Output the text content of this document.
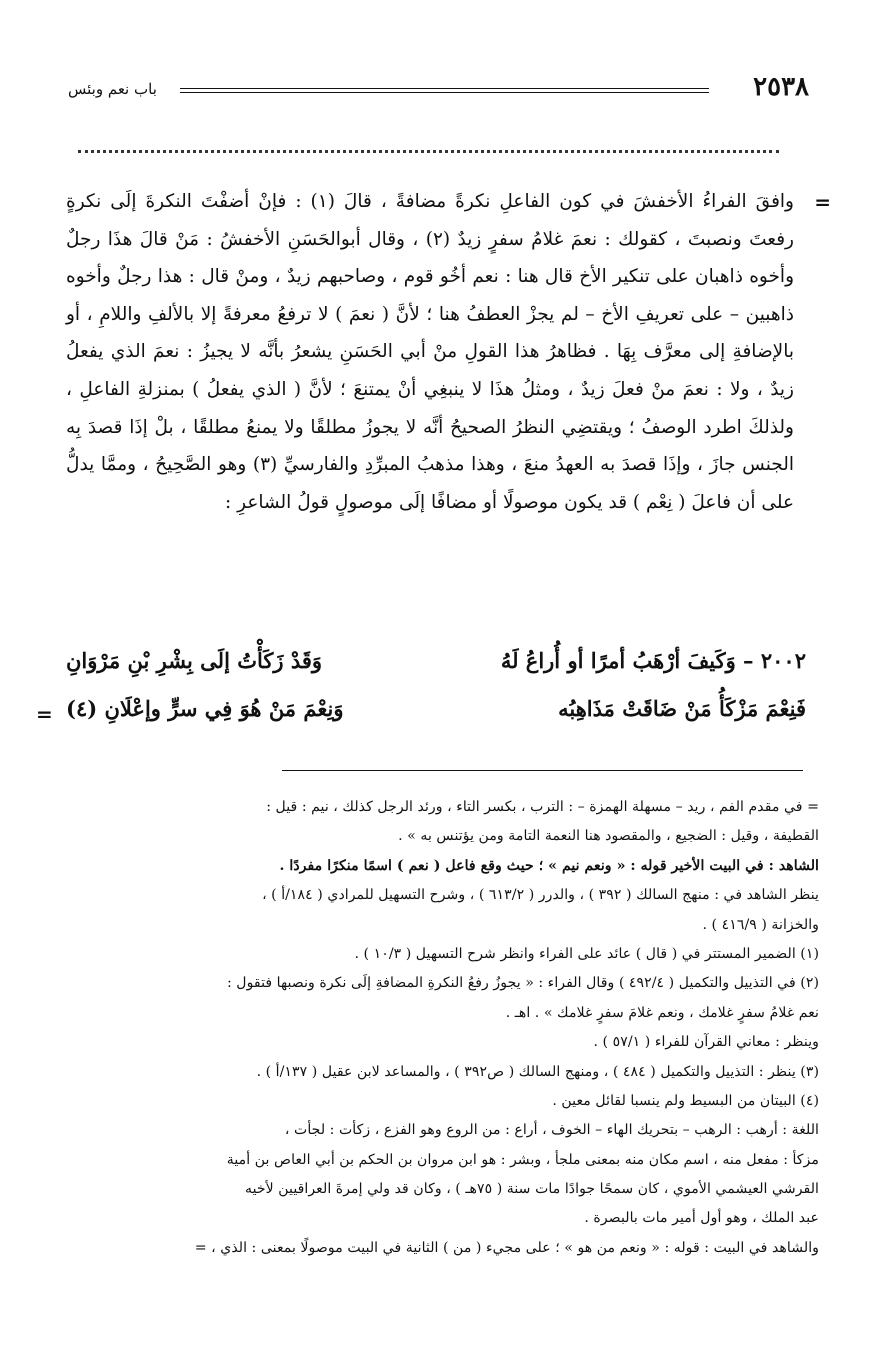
٢٥٣٨
باب نعم وبئس
=

وافقَ الفراءُ الأخفشَ في كون الفاعلِ نكرةً مضافةً ، قالَ (١) : فإنْ أضفْتَ النكرةَ إلَى نكرةٍ رفعتَ ونصبتَ ، كقولك : نعمَ غلامُ سفرٍ زيدٌ (٢) ، وقال أبوالحَسَنِ الأخفشُ : مَنْ قالَ هذَا رجلٌ وأخوه ذاهبان على تنكير الأخ قال هنا : نعم أخُو قوم ، وصاحبهم زيدٌ ، ومنْ قال : هذا رجلٌ وأخوه ذاهبين – على تعريفِ الأخ – لم يجزْ العطفُ هنا ؛ لأنَّ ( نعمَ ) لا ترفعُ معرفةً إلا بالألفِ واللامِ ، أو بالإضافةِ إلى معرَّف بِهَا . فظاهرُ هذا القولِ منْ أبي الحَسَنِ يشعرُ بأنَّه لا يجيزُ : نعمَ الذي يفعلُ زيدٌ ، ولا : نعمَ منْ فعلَ زيدٌ ، ومثلُ هذَا لا ينبغِي أنْ يمتنعَ ؛ لأنَّ ( الذي يفعلُ ) بمنزلةِ الفاعلِ ، ولذلكَ اطرد الوصفُ ؛ ويقتضِي النظرُ الصحيحُ أنَّه لا يجوزُ مطلقًا ولا يمنعُ مطلقًا ، بلْ إذَا قصدَ بِه الجنس جازَ ، وإذَا قصدَ به العهدُ منعَ ، وهذا مذهبُ المبرِّدِ والفارسيِّ (٣) وهو الصَّحِيحُ ، وممَّا يدلُّ على أن فاعلَ ( نِعْم ) قد يكون موصولًا أو مضافًا إلَى موصولٍ قولُ الشاعرِ :

٢٠٠٢ – وَكَيفَ أرْهَبُ أمرًا أو أُراعُ لَهُ
وَقَدْ زَكَأْتُ إلَى بِشْرِ بْنِ مَرْوَانِ
فَنِعْمَ مَزْكَأُ مَنْ ضَاقَتْ مَذَاهِبُه
وَنِعْمَ مَنْ هُوَ فِي سرٍّ وإعْلَانِ (٤)
=
= في مقدم الفم ، ريد – مسهلة الهمزة – : الترب ، بكسر التاء ، ورئد الرجل كذلك ، نيم : قيل :
القطيفة ، وقيل : الضجيع ، والمقصود هنا النعمة التامة ومن يؤتنس به » .
الشاهد : في البيت الأخير قوله : « ونعم نيم » ؛ حيث وقع فاعل ( نعم ) اسمًا منكرًا مفردًا .
ينظر الشاهد في : منهج السالك ( ٣٩٢ ) ، والدرر ( ٦١٣/٢ ) ، وشرح التسهيل للمرادي ( ١٨٤/أ ) ،
والخزانة ( ٤١٦/٩ ) .
(١) الضمير المستتر في ( قال ) عائد على الفراء وانظر شرح التسهيل ( ١٠/٣ ) .
(٢) في التذييل والتكميل ( ٤٩٢/٤ ) وقال الفراء : « يجوزُ رفعُ النكرةِ المضافةِ إلَى نكرة ونصبها فتقول :
نعم غلامُ سفرٍ غلامك ، ونعم غلامَ سفرٍ غلامك » . اهـ .
وينظر : معاني القرآن للفراء ( ٥٧/١ ) .
(٣) ينظر : التذييل والتكميل ( ٤٨٤ ) ، ومنهج السالك ( ص٣٩٢ ) ، والمساعد لابن عقيل ( ١٣٧/أ ) .
(٤) البيتان من البسيط ولم ينسبا لقائل معين .
اللغة : أرهب : الرهب – بتحريك الهاء – الخوف ، أراع : من الروع وهو الفزع ، زكأت : لجأت ،
مزكأ : مفعل منه ، اسم مكان منه بمعنى ملجأ ، وبشر : هو ابن مروان بن الحكم بن أبي العاص بن أمية
القرشي العيشمي الأموي ، كان سمحًا جوادًا مات سنة ( ٧٥هـ ) ، وكان قد ولي إمرةَ العراقيين لأخيه
عبد الملك ، وهو أول أمير مات بالبصرة .
والشاهد في البيت : قوله : « ونعم من هو » ؛ على مجيء ( من ) الثانية في البيت موصولًا بمعنى : الذي ، =
